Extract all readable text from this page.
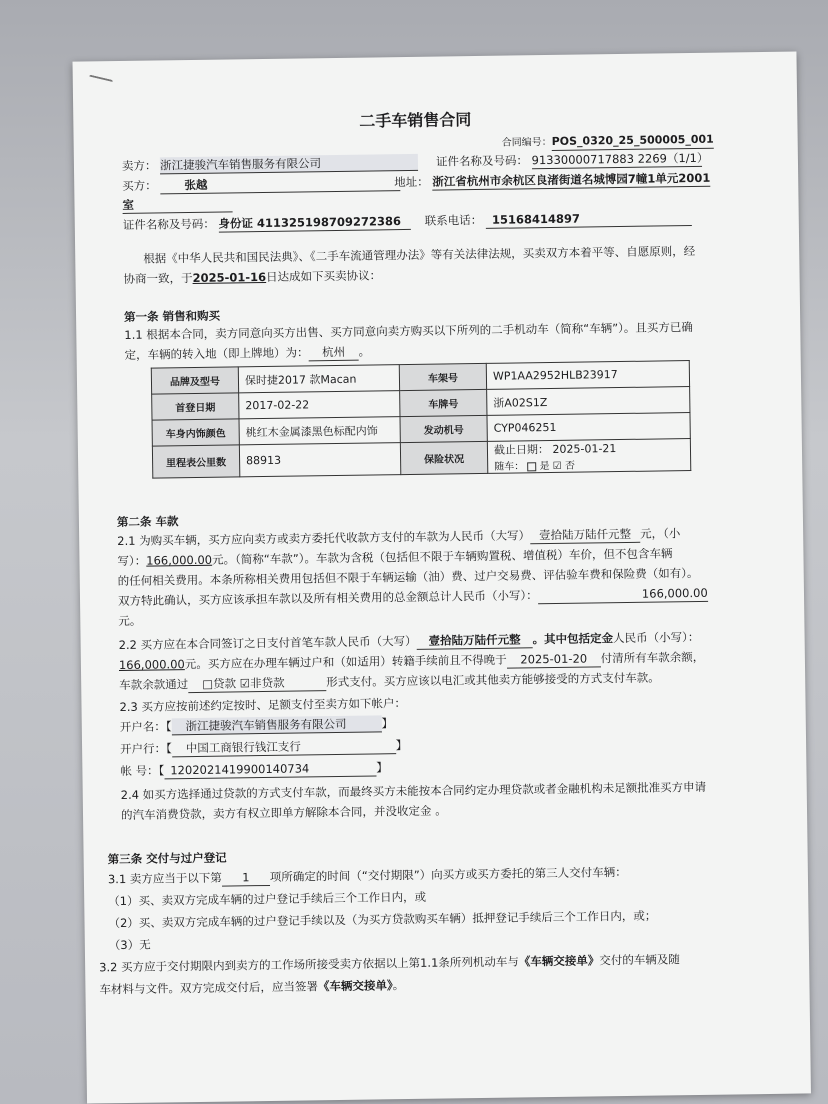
二手车销售合同
合同编号：POS_0320_25_500005_001
卖方： 浙江捷骏汽车销售服务有限公司	证件名称及号码： 91330000717883 2269（1/1）
买方： 张越	地址： 浙江省杭州市余杭区良渚街道名城博园7幢1单元2001
室
证件名称及号码： 身份证 411325198709272386	联系电话： 15168414897
根据《中华人民共和国民法典》、《二手车流通管理办法》等有关法律法规，买卖双方本着平等、自愿原则，经
协商一致，于2025-01-16日达成如下买卖协议：
第一条 销售和购买
1.1 根据本合同，卖方同意向买方出售、买方同意向卖方购买以下所列的二手机动车（简称“车辆”）。且买方已确
定，车辆的转入地（即上牌地）为： 杭州 。
品牌及型号	保时捷2017 款Macan	车架号	WP1AA2952HLB23917
首登日期	2017-02-22	车牌号	浙A02S1Z
车身内饰颜色	桃红木金属漆黑色标配内饰	发动机号	CYP046251
里程表公里数	88913	保险状况	截止日期： 2025-01-21
随车： 是 ☑ 否
第二条 车款
2.1 为购买车辆，买方应向卖方或卖方委托代收款方支付的车款为人民币（大写） 壹拾陆万陆仟元整 元，（小
写）：166,000.00元。（简称“车款”）。车款为含税（包括但不限于车辆购置税、增值税）车价，但不包含车辆
的任何相关费用。本条所称相关费用包括但不限于车辆运输（油）费、过户交易费、评估验车费和保险费（如有）。
双方特此确认，买方应该承担车款以及所有相关费用的总金额总计人民币（小写）：	166,000.00
元。
2.2 买方应在本合同签订之日支付首笔车款人民币（大写） 壹拾陆万陆仟元整 。其中包括定金人民币（小写）：
166,000.00元。买方应在办理车辆过户和（如适用）转籍手续前且不得晚于 2025-01-20 付清所有车款余额，
车款余款通过 □贷款 ☑非贷款	形式支付。买方应该以电汇或其他卖方能够接受的方式支付车款。
2.3 买方应按前述约定按时、足额支付至卖方如下帐户：
开户名：【 浙江捷骏汽车销售服务有限公司	】
开户行：【 中国工商银行钱江支行	】
帐 号：【 1202021419900140734	】
2.4 如买方选择通过贷款的方式支付车款，而最终买方未能按本合同约定办理贷款或者金融机构未足额批准买方申请
的汽车消费贷款，卖方有权立即单方解除本合同，并没收定金 。
第三条 交付与过户登记
3.1 卖方应当于以下第 1 项所确定的时间（“交付期限”）向买方或买方委托的第三人交付车辆：
（1）买、卖双方完成车辆的过户登记手续后三个工作日内，或
（2）买、卖双方完成车辆的过户登记手续以及（为买方贷款购买车辆）抵押登记手续后三个工作日内，或；
（3）无
3.2 买方应于交付期限内到卖方的工作场所接受卖方依据以上第1.1条所列机动车与《车辆交接单》交付的车辆及随
车材料与文件。双方完成交付后，应当签署《车辆交接单》。
